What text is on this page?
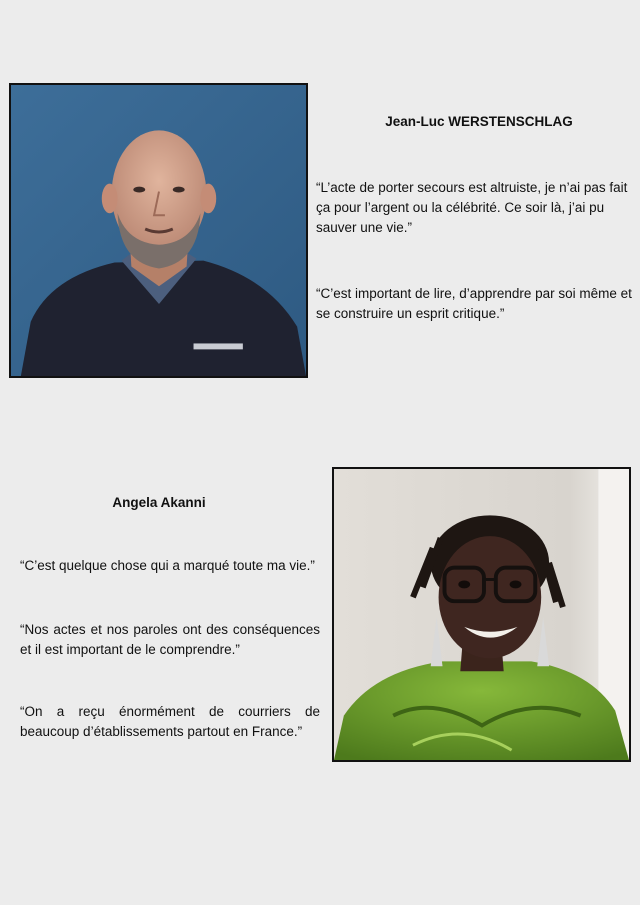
Jean-Luc WERSTENSCHLAG

“L’acte de porter secours est altruiste, je n’ai pas fait ça pour l’argent ou la célébrité. Ce soir là, j’ai pu sauver une vie.”

“C’est important de lire, d’apprendre par soi même et se construire un esprit critique.”

Angela Akanni

“C’est quelque chose qui a marqué toute ma vie.”

“Nos actes et nos paroles ont des conséquences et il est important de le comprendre.”

“On a reçu énormément de courriers de beaucoup d’établissements partout en France.”
